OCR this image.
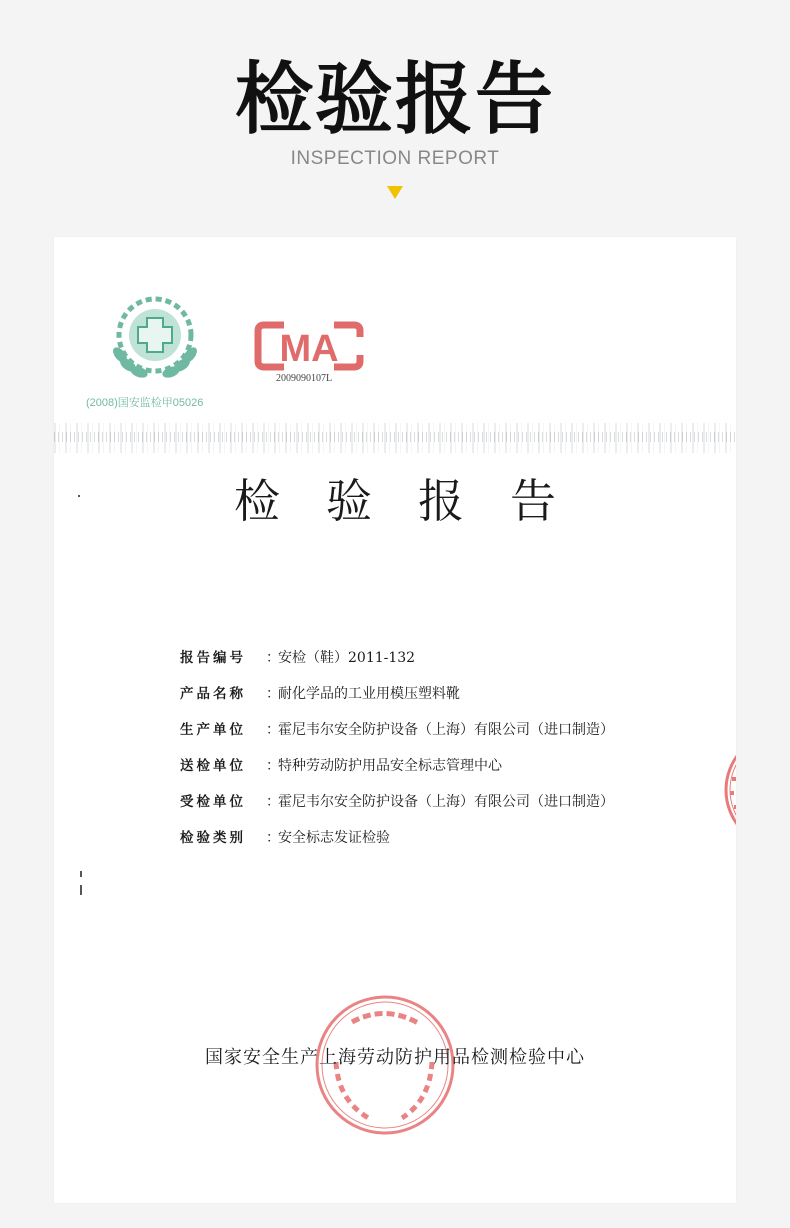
检验报告
INSPECTION REPORT
(2008)国安监检甲05026
MA
2009090107L
检验报告
报告编号 ：安检（鞋）2011-132
产品名称 ：耐化学品的工业用模压塑料靴
生产单位 ：霍尼韦尔安全防护设备（上海）有限公司（进口制造）
送检单位 ：特种劳动防护用品安全标志管理中心
受检单位 ：霍尼韦尔安全防护设备（上海）有限公司（进口制造）
检验类别 ：安全标志发证检验
国家安全生产上海劳动防护用品检测检验中心
